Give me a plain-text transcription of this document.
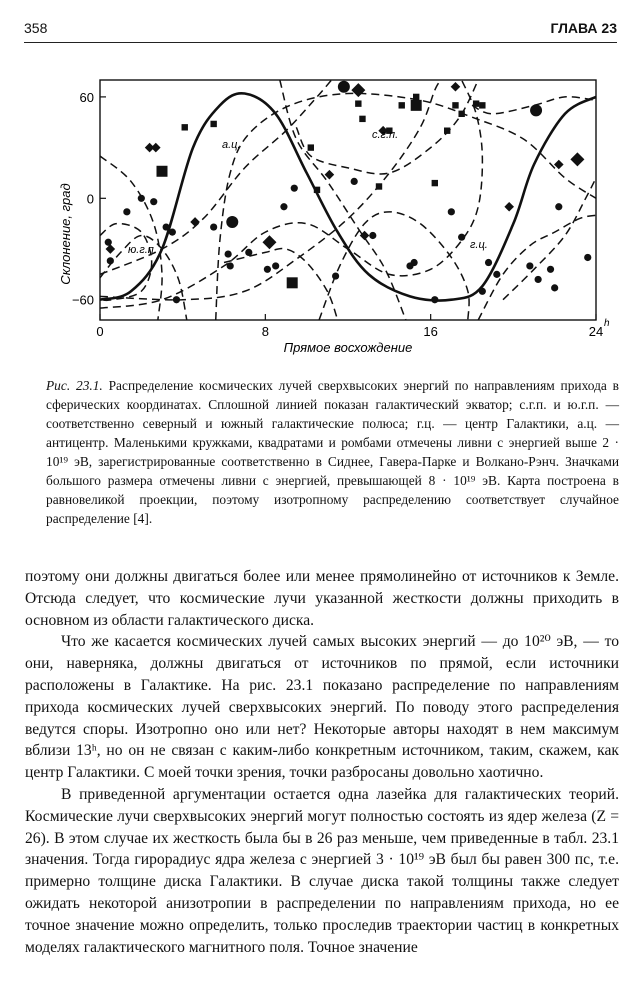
358	ГЛАВА 23
60
0
−60
0	8	16	24
h
а.ц.
с.г.п.
ю.г.п.	г.ц.
Склонение, град
Прямое восхождение
Рис. 23.1. Распределение космических лучей сверхвысоких энергий по направлениям прихода в сферических координатах. Сплошной линией показан галактический экватор; с.г.п. и ю.г.п. — соответственно северный и южный галактические полюса; г.ц. — центр Галактики, а.ц. — антицентр. Маленькими кружками, квадратами и ромбами отмечены ливни с энергией выше 2 · 10¹⁹ эВ, зарегистрированные соответственно в Сиднее, Гавера-Парке и Волкано-Рэнч. Значками большого размера отмечены ливни с энергией, превышающей 8 · 10¹⁹ эВ. Карта построена в равновеликой проекции, поэтому изотропному распределению соответствует случайное распределение [4].

поэтому они должны двигаться более или менее прямолинейно от источников к Земле. Отсюда следует, что космические лучи указанной жесткости должны приходить в основном из области галактического диска.

Что же касается космических лучей самых высоких энергий — до 10²⁰ эВ, — то они, наверняка, должны двигаться от источников по прямой, если источники расположены в Галактике. На рис. 23.1 показано распределение по направлениям прихода космических лучей сверхвысоких энергий. По поводу этого распределения ведутся споры. Изотропно оно или нет? Некоторые авторы находят в нем максимум вблизи 13ʰ, но он не связан с каким-либо конкретным источником, таким, скажем, как центр Галактики. С моей точки зрения, точки разбросаны довольно хаотично.

В приведенной аргументации остается одна лазейка для галактических теорий. Космические лучи сверхвысоких энергий могут полностью состоять из ядер железа (Z = 26). В этом случае их жесткость была бы в 26 раз меньше, чем приведенные в табл. 23.1 значения. Тогда гирорадиус ядра железа с энергией 3 · 10¹⁹ эВ был бы равен 300 пс, т.е. примерно толщине диска Галактики. В случае диска такой толщины также следует ожидать некоторой анизотропии в распределении по направлениям прихода, но ее точное значение можно определить, только проследив траектории частиц в конкретных моделях галактического магнитного поля. Точное значение
